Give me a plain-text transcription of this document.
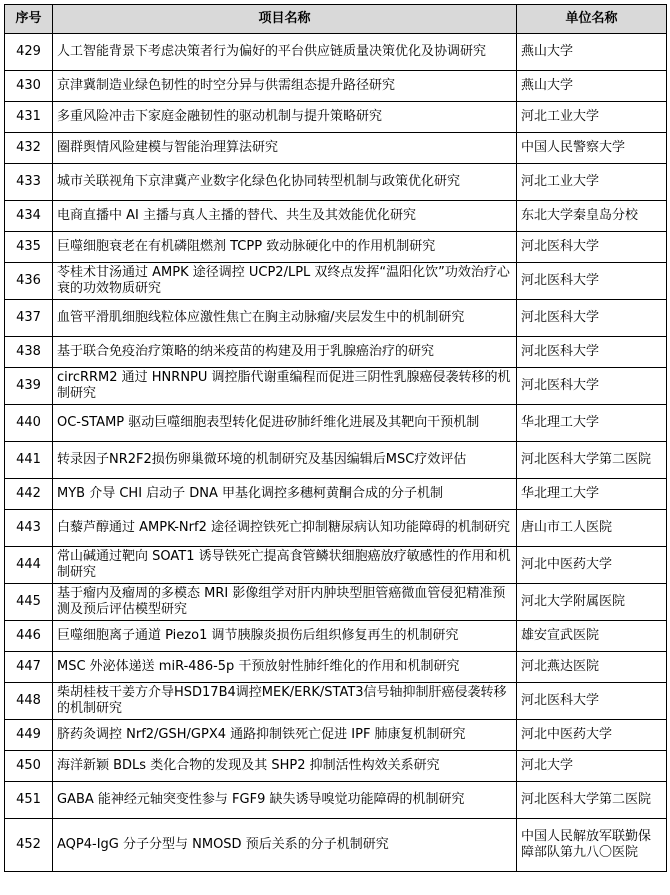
序号	项目名称	单位名称
429	人工智能背景下考虑决策者行为偏好的平台供应链质量决策优化及协调研究	燕山大学
430	京津冀制造业绿色韧性的时空分异与供需组态提升路径研究	燕山大学
431	多重风险冲击下家庭金融韧性的驱动机制与提升策略研究	河北工业大学
432	圈群舆情风险建模与智能治理算法研究	中国人民警察大学
433	城市关联视角下京津冀产业数字化绿色化协同转型机制与政策优化研究	河北工业大学
434	电商直播中 AI 主播与真人主播的替代、共生及其效能优化研究	东北大学秦皇岛分校
435	巨噬细胞衰老在有机磷阻燃剂 TCPP 致动脉硬化中的作用机制研究	河北医科大学
436	苓桂术甘汤通过 AMPK 途径调控 UCP2/LPL 双终点发挥“温阳化饮”功效治疗心衰的功效物质研究	河北医科大学
437	血管平滑肌细胞线粒体应激性焦亡在胸主动脉瘤/夹层发生中的机制研究	河北医科大学
438	基于联合免疫治疗策略的纳米疫苗的构建及用于乳腺癌治疗的研究	河北医科大学
439	circRRM2 通过 HNRNPU 调控脂代谢重编程而促进三阴性乳腺癌侵袭转移的机制研究	河北医科大学
440	OC-STAMP 驱动巨噬细胞表型转化促进矽肺纤维化进展及其靶向干预机制	华北理工大学
441	转录因子NR2F2损伤卵巢微环境的机制研究及基因编辑后MSC疗效评估	河北医科大学第二医院
442	MYB 介导 CHI 启动子 DNA 甲基化调控多穗柯黄酮合成的分子机制	华北理工大学
443	白藜芦醇通过 AMPK-Nrf2 途径调控铁死亡抑制糖尿病认知功能障碍的机制研究	唐山市工人医院
444	常山碱通过靶向 SOAT1 诱导铁死亡提高食管鳞状细胞癌放疗敏感性的作用和机制研究	河北中医药大学
445	基于瘤内及瘤周的多模态 MRI 影像组学对肝内肿块型胆管癌微血管侵犯精准预测及预后评估模型研究	河北大学附属医院
446	巨噬细胞离子通道 Piezo1 调节胰腺炎损伤后组织修复再生的机制研究	雄安宣武医院
447	MSC 外泌体递送 miR-486-5p 干预放射性肺纤维化的作用和机制研究	河北燕达医院
448	柴胡桂枝干姜方介导HSD17B4调控MEK/ERK/STAT3信号轴抑制肝癌侵袭转移的机制研究	河北医科大学
449	脐药灸调控 Nrf2/GSH/GPX4 通路抑制铁死亡促进 IPF 肺康复机制研究	河北中医药大学
450	海洋新颖 BDLs 类化合物的发现及其 SHP2 抑制活性构效关系研究	河北大学
451	GABA 能神经元轴突变性参与 FGF9 缺失诱导嗅觉功能障碍的机制研究	河北医科大学第二医院
452	AQP4-IgG 分子分型与 NMOSD 预后关系的分子机制研究	中国人民解放军联勤保障部队第九八〇医院
